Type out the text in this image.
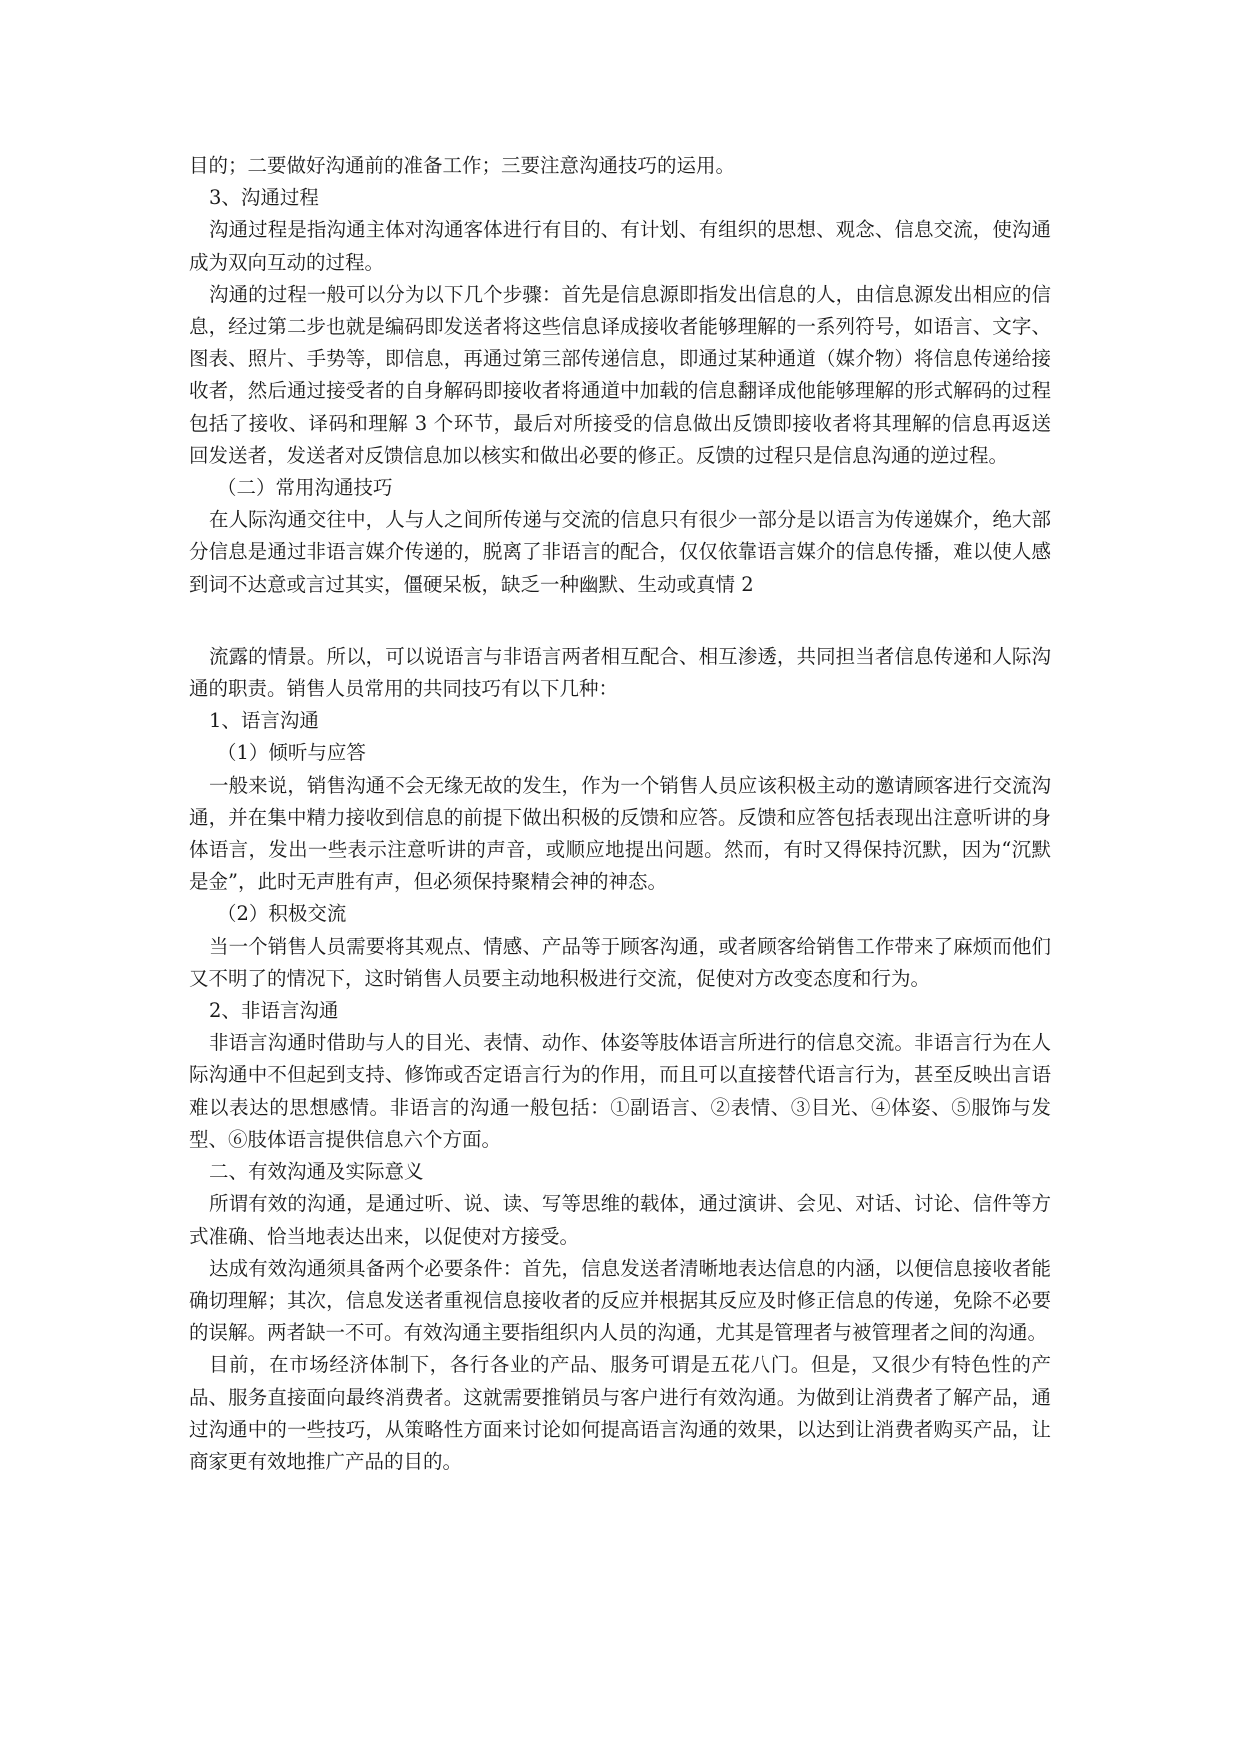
目的；二要做好沟通前的准备工作；三要注意沟通技巧的运用。

3、沟通过程

沟通过程是指沟通主体对沟通客体进行有目的、有计划、有组织的思想、观念、信息交流，使沟通成为双向互动的过程。

沟通的过程一般可以分为以下几个步骤：首先是信息源即指发出信息的人，由信息源发出相应的信息，经过第二步也就是编码即发送者将这些信息译成接收者能够理解的一系列符号，如语言、文字、图表、照片、手势等，即信息，再通过第三部传递信息，即通过某种通道（媒介物）将信息传递给接收者，然后通过接受者的自身解码即接收者将通道中加载的信息翻译成他能够理解的形式解码的过程包括了接收、译码和理解 3 个环节，最后对所接受的信息做出反馈即接收者将其理解的信息再返送回发送者，发送者对反馈信息加以核实和做出必要的修正。反馈的过程只是信息沟通的逆过程。

（二）常用沟通技巧

在人际沟通交往中，人与人之间所传递与交流的信息只有很少一部分是以语言为传递媒介，绝大部分信息是通过非语言媒介传递的，脱离了非语言的配合，仅仅依靠语言媒介的信息传播，难以使人感到词不达意或言过其实，僵硬呆板，缺乏一种幽默、生动或真情 2

流露的情景。所以，可以说语言与非语言两者相互配合、相互渗透，共同担当者信息传递和人际沟通的职责。销售人员常用的共同技巧有以下几种：

1、语言沟通

（1）倾听与应答

一般来说，销售沟通不会无缘无故的发生，作为一个销售人员应该积极主动的邀请顾客进行交流沟通，并在集中精力接收到信息的前提下做出积极的反馈和应答。反馈和应答包括表现出注意听讲的身体语言，发出一些表示注意听讲的声音，或顺应地提出问题。然而，有时又得保持沉默，因为“沉默是金”，此时无声胜有声，但必须保持聚精会神的神态。

（2）积极交流

当一个销售人员需要将其观点、情感、产品等于顾客沟通，或者顾客给销售工作带来了麻烦而他们又不明了的情况下，这时销售人员要主动地积极进行交流，促使对方改变态度和行为。

2、非语言沟通

非语言沟通时借助与人的目光、表情、动作、体姿等肢体语言所进行的信息交流。非语言行为在人际沟通中不但起到支持、修饰或否定语言行为的作用，而且可以直接替代语言行为，甚至反映出言语难以表达的思想感情。非语言的沟通一般包括：①副语言、②表情、③目光、④体姿、⑤服饰与发型、⑥肢体语言提供信息六个方面。

二、有效沟通及实际意义

所谓有效的沟通，是通过听、说、读、写等思维的载体，通过演讲、会见、对话、讨论、信件等方式准确、恰当地表达出来，以促使对方接受。

达成有效沟通须具备两个必要条件：首先，信息发送者清晰地表达信息的内涵，以便信息接收者能确切理解；其次，信息发送者重视信息接收者的反应并根据其反应及时修正信息的传递，免除不必要的误解。两者缺一不可。有效沟通主要指组织内人员的沟通，尤其是管理者与被管理者之间的沟通。

目前，在市场经济体制下，各行各业的产品、服务可谓是五花八门。但是，又很少有特色性的产品、服务直接面向最终消费者。这就需要推销员与客户进行有效沟通。为做到让消费者了解产品，通过沟通中的一些技巧，从策略性方面来讨论如何提高语言沟通的效果，以达到让消费者购买产品，让商家更有效地推广产品的目的。
